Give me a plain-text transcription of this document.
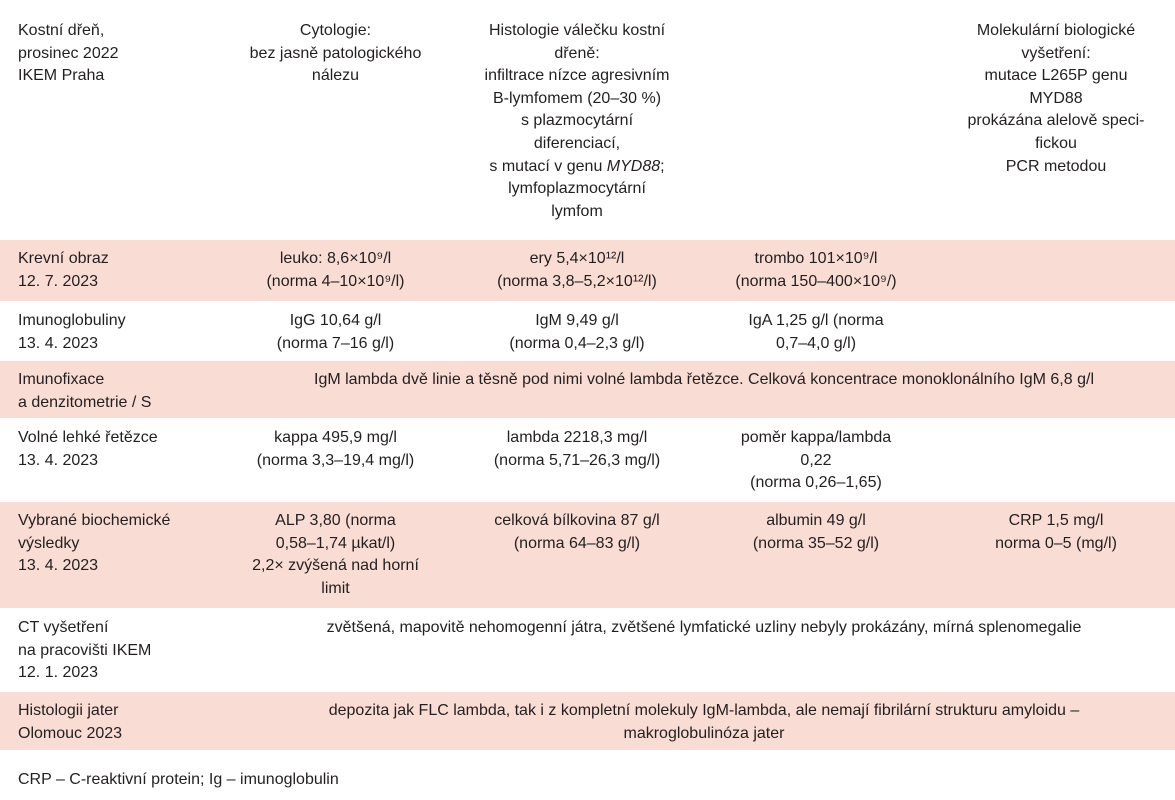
Kostní dřeň,
prosinec 2022
IKEM Praha
Cytologie:
bez jasně patologického
nálezu
Histologie válečku kostní
dřeně:
infiltrace nízce agresivním
B-lymfomem (20–30 %)
s plazmocytární
diferenciací,
s mutací v genu MYD88;
lymfoplazmocytární
lymfom
Molekulární biologické
vyšetření:
mutace L265P genu
MYD88
prokázána alelově speci-
fickou
PCR metodou
Krevní obraz
12. 7. 2023
leuko: 8,6×10⁹/l
(norma 4–10×10⁹/l)
ery 5,4×10¹²/l
(norma 3,8–5,2×10¹²/l)
trombo 101×10⁹/l
(norma 150–400×10⁹/)
Imunoglobuliny
13. 4. 2023
IgG 10,64 g/l
(norma 7–16 g/l)
IgM 9,49 g/l
(norma 0,4–2,3 g/l)
IgA 1,25 g/l (norma
0,7–4,0 g/l)
Imunofixace
a denzitometrie / S
IgM lambda dvě linie a těsně pod nimi volné lambda řetězce. Celková koncentrace monoklonálního IgM 6,8 g/l
Volné lehké řetězce
13. 4. 2023
kappa 495,9 mg/l
(norma 3,3–19,4 mg/l)
lambda 2218,3 mg/l
(norma 5,71–26,3 mg/l)
poměr kappa/lambda
0,22
(norma 0,26–1,65)
Vybrané biochemické
výsledky
13. 4. 2023
ALP 3,80 (norma
0,58–1,74 µkat/l)
2,2× zvýšená nad horní
limit
celková bílkovina 87 g/l
(norma 64–83 g/l)
albumin 49 g/l
(norma 35–52 g/l)
CRP 1,5 mg/l
norma 0–5 (mg/l)
CT vyšetření
na pracovišti IKEM
12. 1. 2023
zvětšená, mapovitě nehomogenní játra, zvětšené lymfatické uzliny nebyly prokázány, mírná splenomegalie
Histologii jater
Olomouc 2023
depozita jak FLC lambda, tak i z kompletní molekuly IgM-lambda, ale nemají fibrilární strukturu amyloidu –
makroglobulinóza jater
CRP – C-reaktivní protein; Ig – imunoglobulin
